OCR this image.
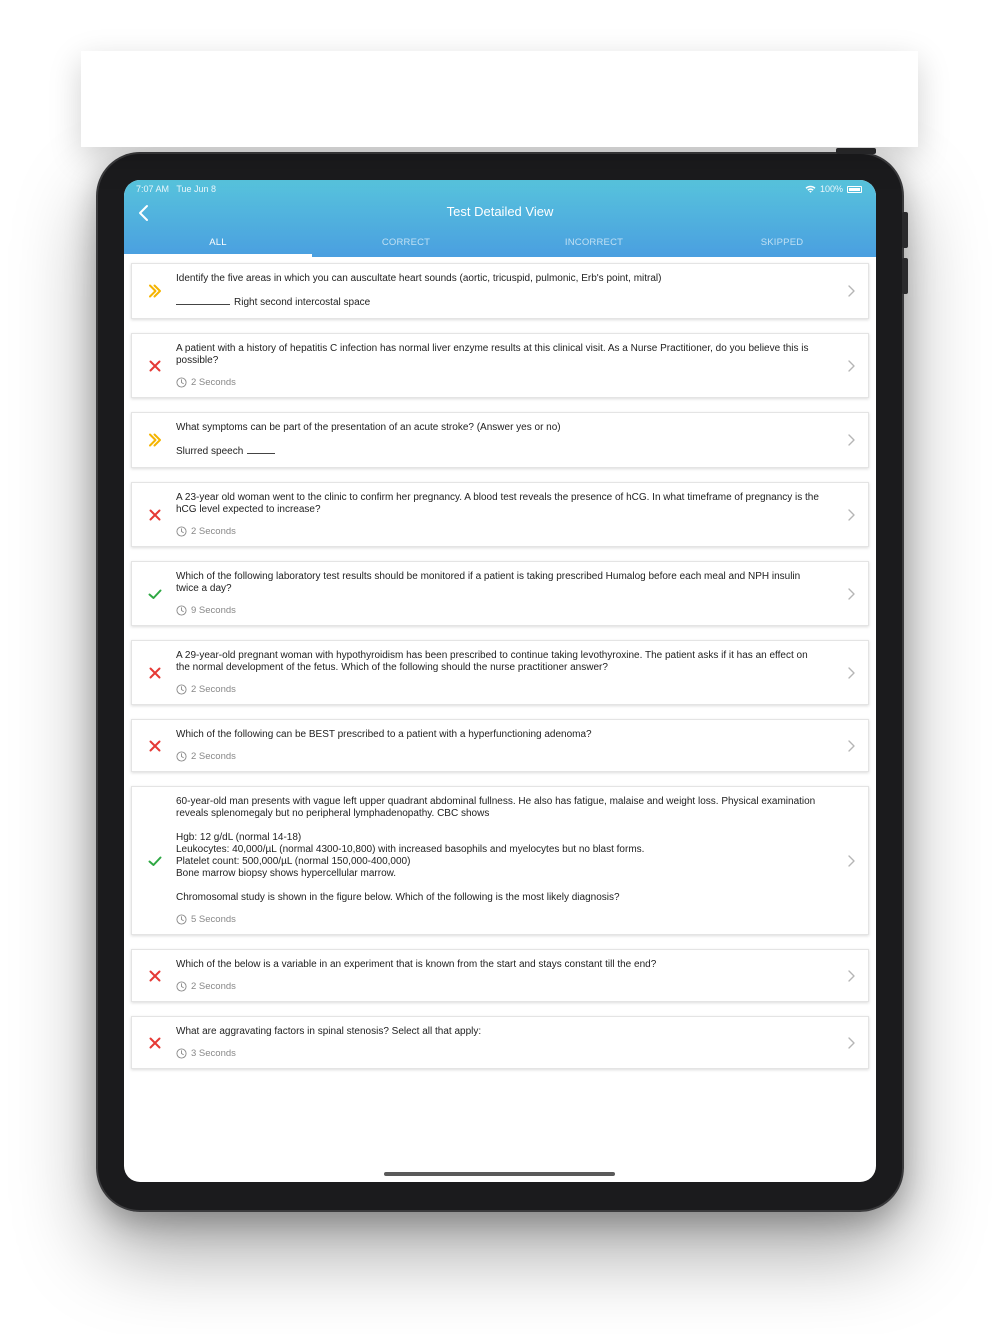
7:07 AM Tue Jun 8	100%
Test Detailed View
ALL	CORRECT	INCORRECT	SKIPPED
Identify the five areas in which you can auscultate heart sounds (aortic, tricuspid, pulmonic, Erb's point, mitral)
Right second intercostal space
A patient with a history of hepatitis C infection has normal liver enzyme results at this clinical visit. As a Nurse Practitioner, do you believe this is possible?
2 Seconds
What symptoms can be part of the presentation of an acute stroke? (Answer yes or no)
Slurred speech
A 23-year old woman went to the clinic to confirm her pregnancy. A blood test reveals the presence of hCG. In what timeframe of pregnancy is the hCG level expected to increase?
2 Seconds
Which of the following laboratory test results should be monitored if a patient is taking prescribed Humalog before each meal and NPH insulin twice a day?
9 Seconds
A 29-year-old pregnant woman with hypothyroidism has been prescribed to continue taking levothyroxine. The patient asks if it has an effect on the normal development of the fetus. Which of the following should the nurse practitioner answer?
2 Seconds
Which of the following can be BEST prescribed to a patient with a hyperfunctioning adenoma?
2 Seconds
60-year-old man presents with vague left upper quadrant abdominal fullness. He also has fatigue, malaise and weight loss. Physical examination reveals splenomegaly but no peripheral lymphadenopathy. CBC shows

Hgb: 12 g/dL (normal 14-18)
Leukocytes: 40,000/µL (normal 4300-10,800) with increased basophils and myelocytes but no blast forms.
Platelet count: 500,000/µL (normal 150,000-400,000)
Bone marrow biopsy shows hypercellular marrow.

Chromosomal study is shown in the figure below. Which of the following is the most likely diagnosis?
5 Seconds
Which of the below is a variable in an experiment that is known from the start and stays constant till the end?
2 Seconds
What are aggravating factors in spinal stenosis? Select all that apply:
3 Seconds
